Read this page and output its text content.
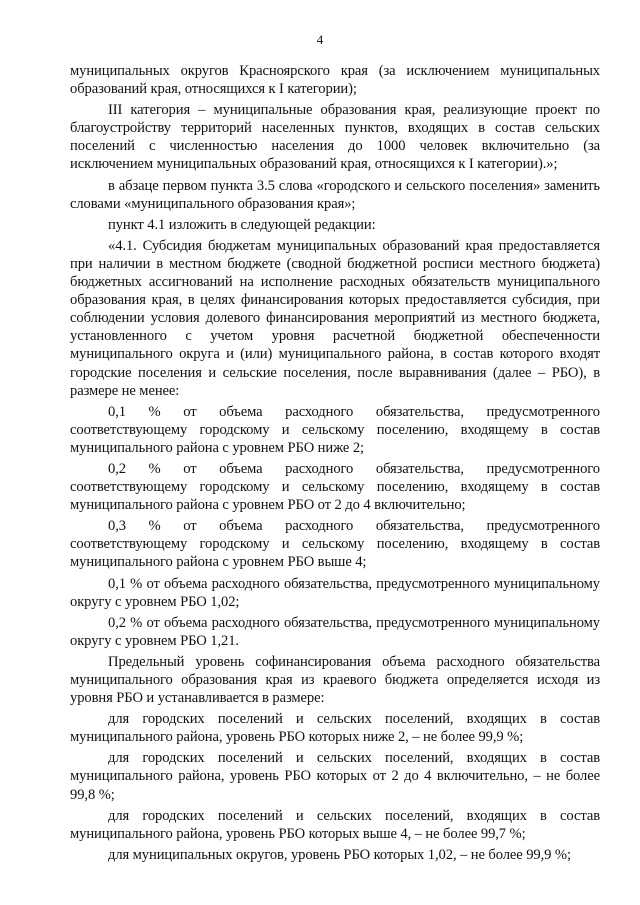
4

муниципальных округов Красноярского края (за исключением муниципальных образований края, относящихся к I категории);

III категория – муниципальные образования края, реализующие проект по благоустройству территорий населенных пунктов, входящих в состав сельских поселений с численностью населения до 1000 человек включительно (за исключением муниципальных образований края, относящихся к I категории).»;

в абзаце первом пункта 3.5 слова «городского и сельского поселения» заменить словами «муниципального образования края»;

пункт 4.1 изложить в следующей редакции:

«4.1. Субсидия бюджетам муниципальных образований края предоставляется при наличии в местном бюджете (сводной бюджетной росписи местного бюджета) бюджетных ассигнований на исполнение расходных обязательств муниципального образования края, в целях финансирования которых предоставляется субсидия, при соблюдении условия долевого финансирования мероприятий из местного бюджета, установленного с учетом уровня расчетной бюджетной обеспеченности муниципального округа и (или) муниципального района, в состав которого входят городские поселения и сельские поселения, после выравнивания (далее – РБО), в размере не менее:

0,1 % от объема расходного обязательства, предусмотренного соответствующему городскому и сельскому поселению, входящему в состав муниципального района с уровнем РБО ниже 2;

0,2 % от объема расходного обязательства, предусмотренного соответствующему городскому и сельскому поселению, входящему в состав муниципального района с уровнем РБО от 2 до 4 включительно;

0,3 % от объема расходного обязательства, предусмотренного соответствующему городскому и сельскому поселению, входящему в состав муниципального района с уровнем РБО выше 4;

0,1 % от объема расходного обязательства, предусмотренного муниципальному округу с уровнем РБО 1,02;

0,2 % от объема расходного обязательства, предусмотренного муниципальному округу с уровнем РБО 1,21.

Предельный уровень софинансирования объема расходного обязательства муниципального образования края из краевого бюджета определяется исходя из уровня РБО и устанавливается в размере:

для городских поселений и сельских поселений, входящих в состав муниципального района, уровень РБО которых ниже 2, – не более 99,9 %;

для городских поселений и сельских поселений, входящих в состав муниципального района, уровень РБО которых от 2 до 4 включительно, – не более 99,8 %;

для городских поселений и сельских поселений, входящих в состав муниципального района, уровень РБО которых выше 4, – не более 99,7 %;

для муниципальных округов, уровень РБО которых 1,02, – не более 99,9 %;
